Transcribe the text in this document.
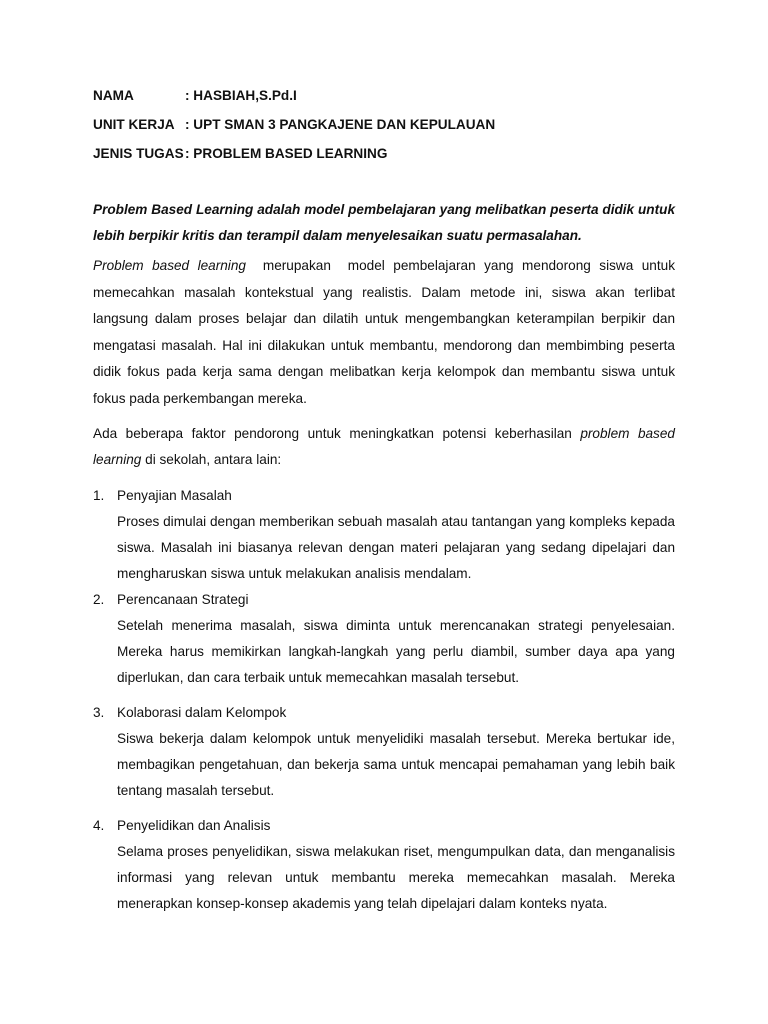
NAMA	: HASBIAH,S.Pd.I
UNIT KERJA : UPT SMAN 3 PANGKAJENE DAN KEPULAUAN
JENIS TUGAS : PROBLEM BASED LEARNING
Problem Based Learning adalah model pembelajaran yang melibatkan peserta didik untuk lebih berpikir kritis dan terampil dalam menyelesaikan suatu permasalahan.
Problem based learning  merupakan  model pembelajaran yang mendorong siswa untuk memecahkan masalah kontekstual yang realistis. Dalam metode ini, siswa akan terlibat langsung dalam proses belajar dan dilatih untuk mengembangkan keterampilan berpikir dan mengatasi masalah. Hal ini dilakukan untuk membantu, mendorong dan membimbing peserta didik fokus pada kerja sama dengan melibatkan kerja kelompok dan membantu siswa untuk fokus pada perkembangan mereka.
Ada beberapa faktor pendorong untuk meningkatkan potensi keberhasilan problem based learning di sekolah, antara lain:
1. Penyajian Masalah
Proses dimulai dengan memberikan sebuah masalah atau tantangan yang kompleks kepada siswa. Masalah ini biasanya relevan dengan materi pelajaran yang sedang dipelajari dan mengharuskan siswa untuk melakukan analisis mendalam.
2. Perencanaan Strategi
Setelah menerima masalah, siswa diminta untuk merencanakan strategi penyelesaian. Mereka harus memikirkan langkah-langkah yang perlu diambil, sumber daya apa yang diperlukan, dan cara terbaik untuk memecahkan masalah tersebut.
3. Kolaborasi dalam Kelompok
Siswa bekerja dalam kelompok untuk menyelidiki masalah tersebut. Mereka bertukar ide, membagikan pengetahuan, dan bekerja sama untuk mencapai pemahaman yang lebih baik tentang masalah tersebut.
4. Penyelidikan dan Analisis
Selama proses penyelidikan, siswa melakukan riset, mengumpulkan data, dan menganalisis informasi yang relevan untuk membantu mereka memecahkan masalah. Mereka menerapkan konsep-konsep akademis yang telah dipelajari dalam konteks nyata.
